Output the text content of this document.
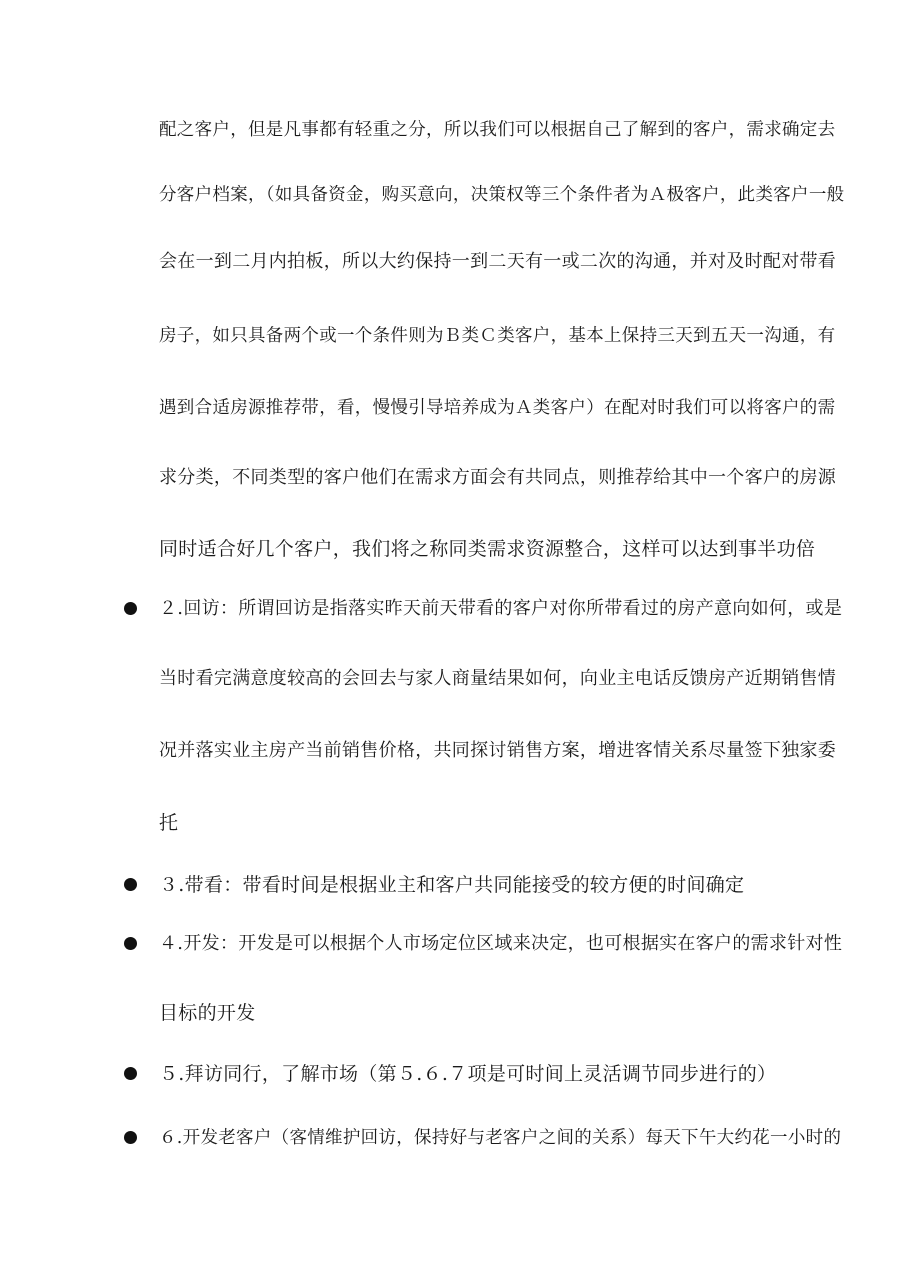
配之客户，但是凡事都有轻重之分，所以我们可以根据自己了解到的客户，需求确定去
分客户档案，（如具备资金，购买意向，决策权等三个条件者为Ａ极客户，此类客户一般
会在一到二月内拍板，所以大约保持一到二天有一或二次的沟通，并对及时配对带看
房子，如只具备两个或一个条件则为Ｂ类Ｃ类客户，基本上保持三天到五天一沟通，有
遇到合适房源推荐带，看，慢慢引导培养成为Ａ类客户）在配对时我们可以将客户的需
求分类，不同类型的客户他们在需求方面会有共同点，则推荐给其中一个客户的房源
同时适合好几个客户，我们将之称同类需求资源整合，这样可以达到事半功倍
２.回访：所谓回访是指落实昨天前天带看的客户对你所带看过的房产意向如何，或是
当时看完满意度较高的会回去与家人商量结果如何，向业主电话反馈房产近期销售情
况并落实业主房产当前销售价格，共同探讨销售方案，增进客情关系尽量签下独家委
托
３.带看：带看时间是根据业主和客户共同能接受的较方便的时间确定
４.开发：开发是可以根据个人市场定位区域来决定，也可根据实在客户的需求针对性
目标的开发
５.拜访同行，了解市场（第５.６.７项是可时间上灵活调节同步进行的）
６.开发老客户（客情维护回访，保持好与老客户之间的关系）每天下午大约花一小时的
